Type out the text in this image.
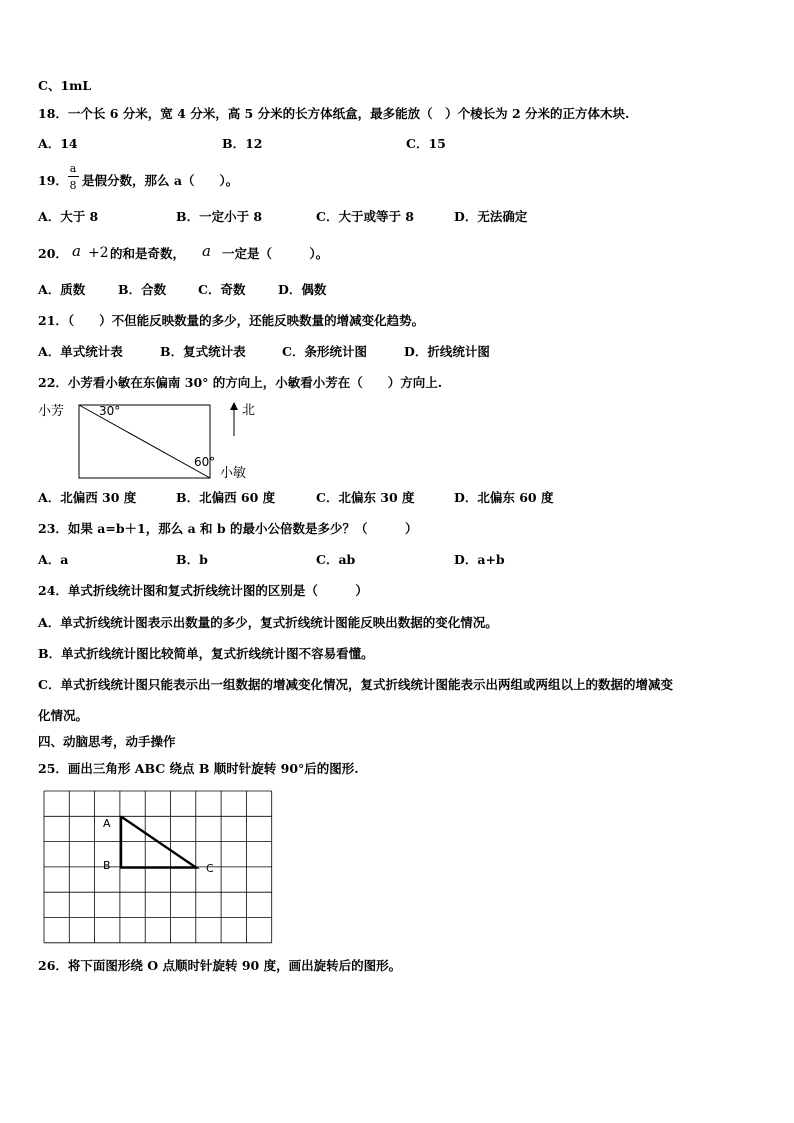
C、1mL
18．一个长 6 分米，宽 4 分米，高 5 分米的长方体纸盒，最多能放（　）个棱长为 2 分米的正方体木块.
A．14	B．12	C．15
19．
a
8 是假分数，那么 a（　　）。
A．大于 8	B．一定小于 8	C．大于或等于 8	D．无法确定
20． a +2 的和是奇数， a 一定是（　　　）。
A．质数	B．合数	C．奇数	D．偶数
21．（　　）不但能反映数量的多少，还能反映数量的增减变化趋势。
A．单式统计表	B．复式统计表	C．条形统计图	D．折线统计图
22．小芳看小敏在东偏南 30° 的方向上，小敏看小芳在（　　）方向上.
小芳	30°	北
60°
小敏
A．北偏西 30 度	B．北偏西 60 度	C．北偏东 30 度	D．北偏东 60 度
23．如果 a=b＋1，那么 a 和 b 的最小公倍数是多少？（　　　）
A．a	B．b	C．ab	D．a+b
24．单式折线统计图和复式折线统计图的区别是（　　　）
A．单式折线统计图表示出数量的多少，复式折线统计图能反映出数据的变化情况。
B．单式折线统计图比较简单，复式折线统计图不容易看懂。
C．单式折线统计图只能表示出一组数据的增减变化情况，复式折线统计图能表示出两组或两组以上的数据的增减变
化情况。
四、动脑思考，动手操作
25．画出三角形 ABC 绕点 B 顺时针旋转 90°后的图形.
A
B	C
26．将下面图形绕 O 点顺时针旋转 90 度，画出旋转后的图形。
